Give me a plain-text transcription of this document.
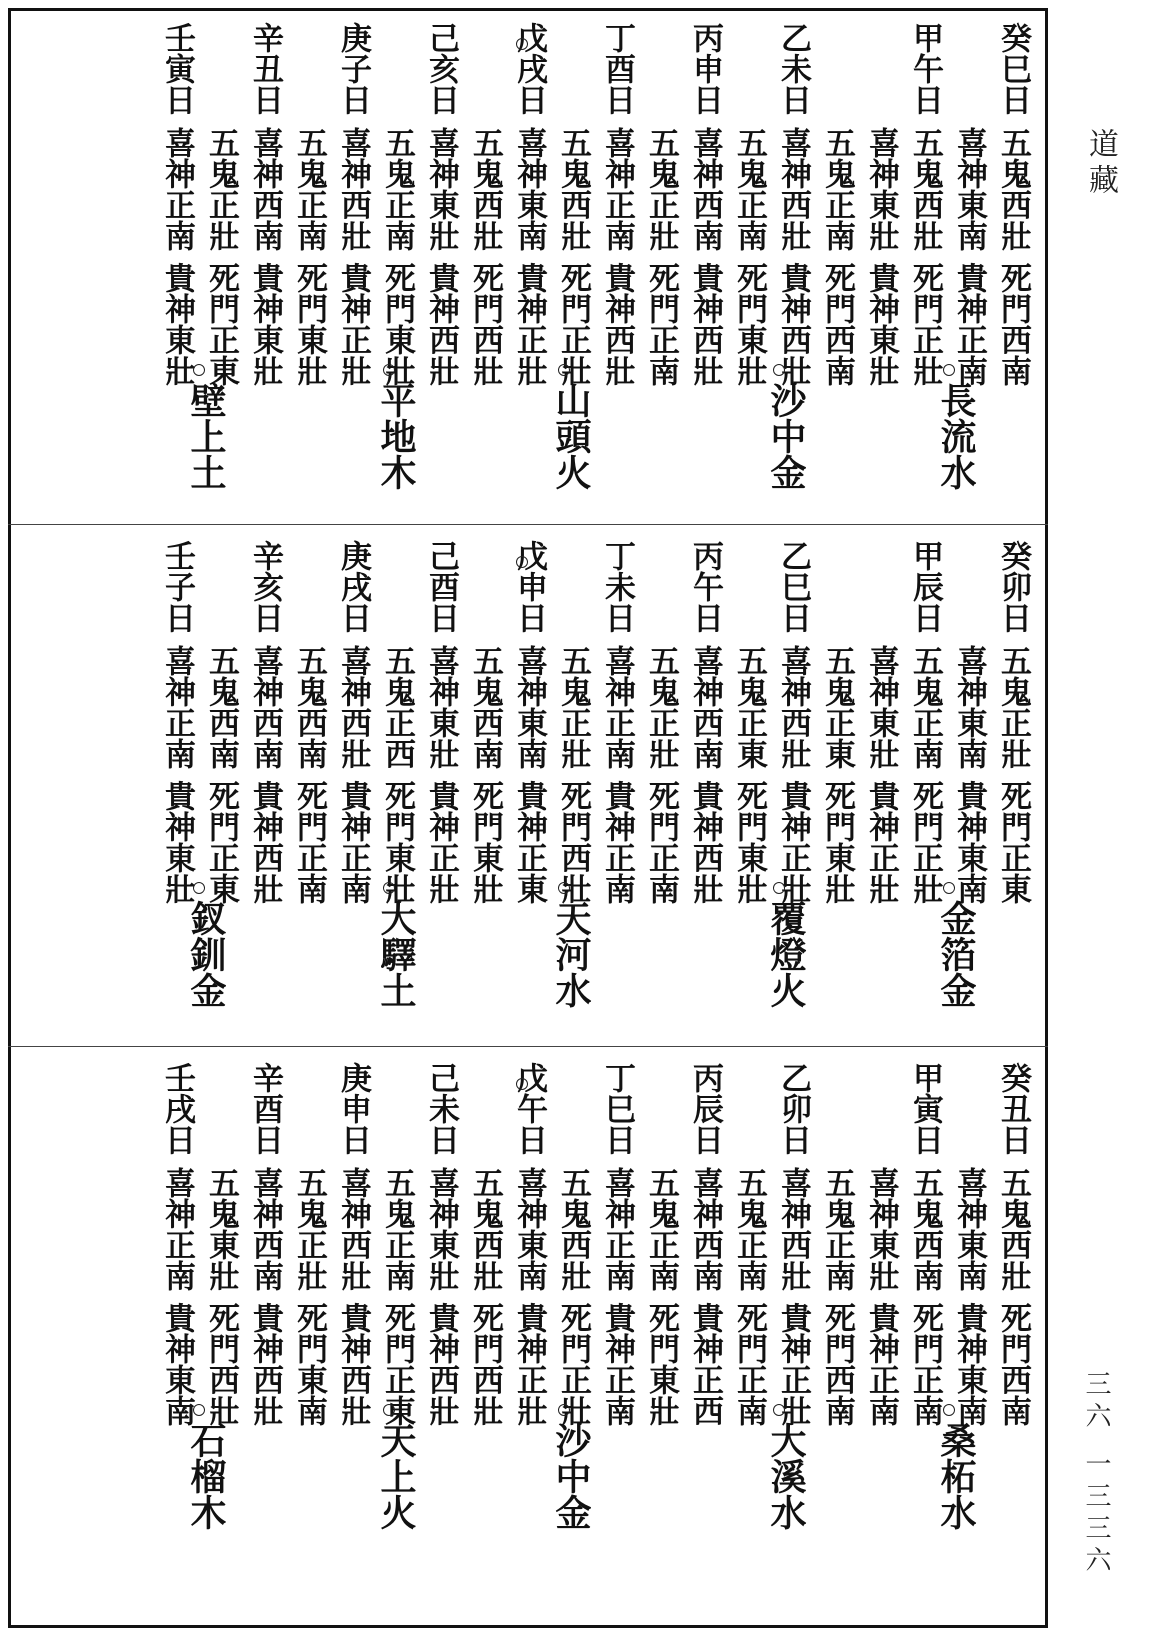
道藏
三六
一三三六
癸巳日
五鬼西壯
死門西南
喜神東南
貴神正南
甲午日
五鬼西壯
死門正壯
喜神東壯
貴神東壯
五鬼正南
死門西南
乙未日
喜神西壯
貴神西壯
五鬼正南
死門東壯
丙申日
喜神西南
貴神西壯
五鬼正壯
死門正南
丁酉日
喜神正南
貴神西壯
五鬼西壯
死門正壯
戊戌日
喜神東南
貴神正壯
五鬼西壯
死門西壯
己亥日
喜神東壯
貴神西壯
五鬼正南
死門東壯
庚子日
喜神西壯
貴神正壯
五鬼正南
死門東壯
辛丑日
喜神西南
貴神東壯
五鬼正壯
死門正東
壬寅日
喜神正南
貴神東壯
長流水
沙中金
山頭火
平地木
壁上土
癸卯日
五鬼正壯
死門正東
喜神東南
貴神東南
甲辰日
五鬼正南
死門正壯
喜神東壯
貴神正壯
五鬼正東
死門東壯
乙巳日
喜神西壯
貴神正壯
五鬼正東
死門東壯
丙午日
喜神西南
貴神西壯
五鬼正壯
死門正南
丁未日
喜神正南
貴神正南
五鬼正壯
死門西壯
戊申日
喜神東南
貴神正東
五鬼西南
死門東壯
己酉日
喜神東壯
貴神正壯
五鬼正西
死門東壯
庚戌日
喜神西壯
貴神正南
五鬼西南
死門正南
辛亥日
喜神西南
貴神西壯
五鬼西南
死門正東
壬子日
喜神正南
貴神東壯
金箔金
覆燈火
天河水
大驛土
釵釧金
癸丑日
五鬼西壯
死門西南
喜神東南
貴神東南
甲寅日
五鬼西南
死門正南
喜神東壯
貴神正南
五鬼正南
死門西南
乙卯日
喜神西壯
貴神正壯
五鬼正南
死門正南
丙辰日
喜神西南
貴神正西
五鬼正南
死門東壯
丁巳日
喜神正南
貴神正南
五鬼西壯
死門正壯
戊午日
喜神東南
貴神正壯
五鬼西壯
死門西壯
己未日
喜神東壯
貴神西壯
五鬼正南
死門正東
庚申日
喜神西壯
貴神西壯
五鬼正壯
死門東南
辛酉日
喜神西南
貴神西壯
五鬼東壯
死門西壯
壬戌日
喜神正南
貴神東南
桑柘水
大溪水
沙中金
天上火
石榴木
